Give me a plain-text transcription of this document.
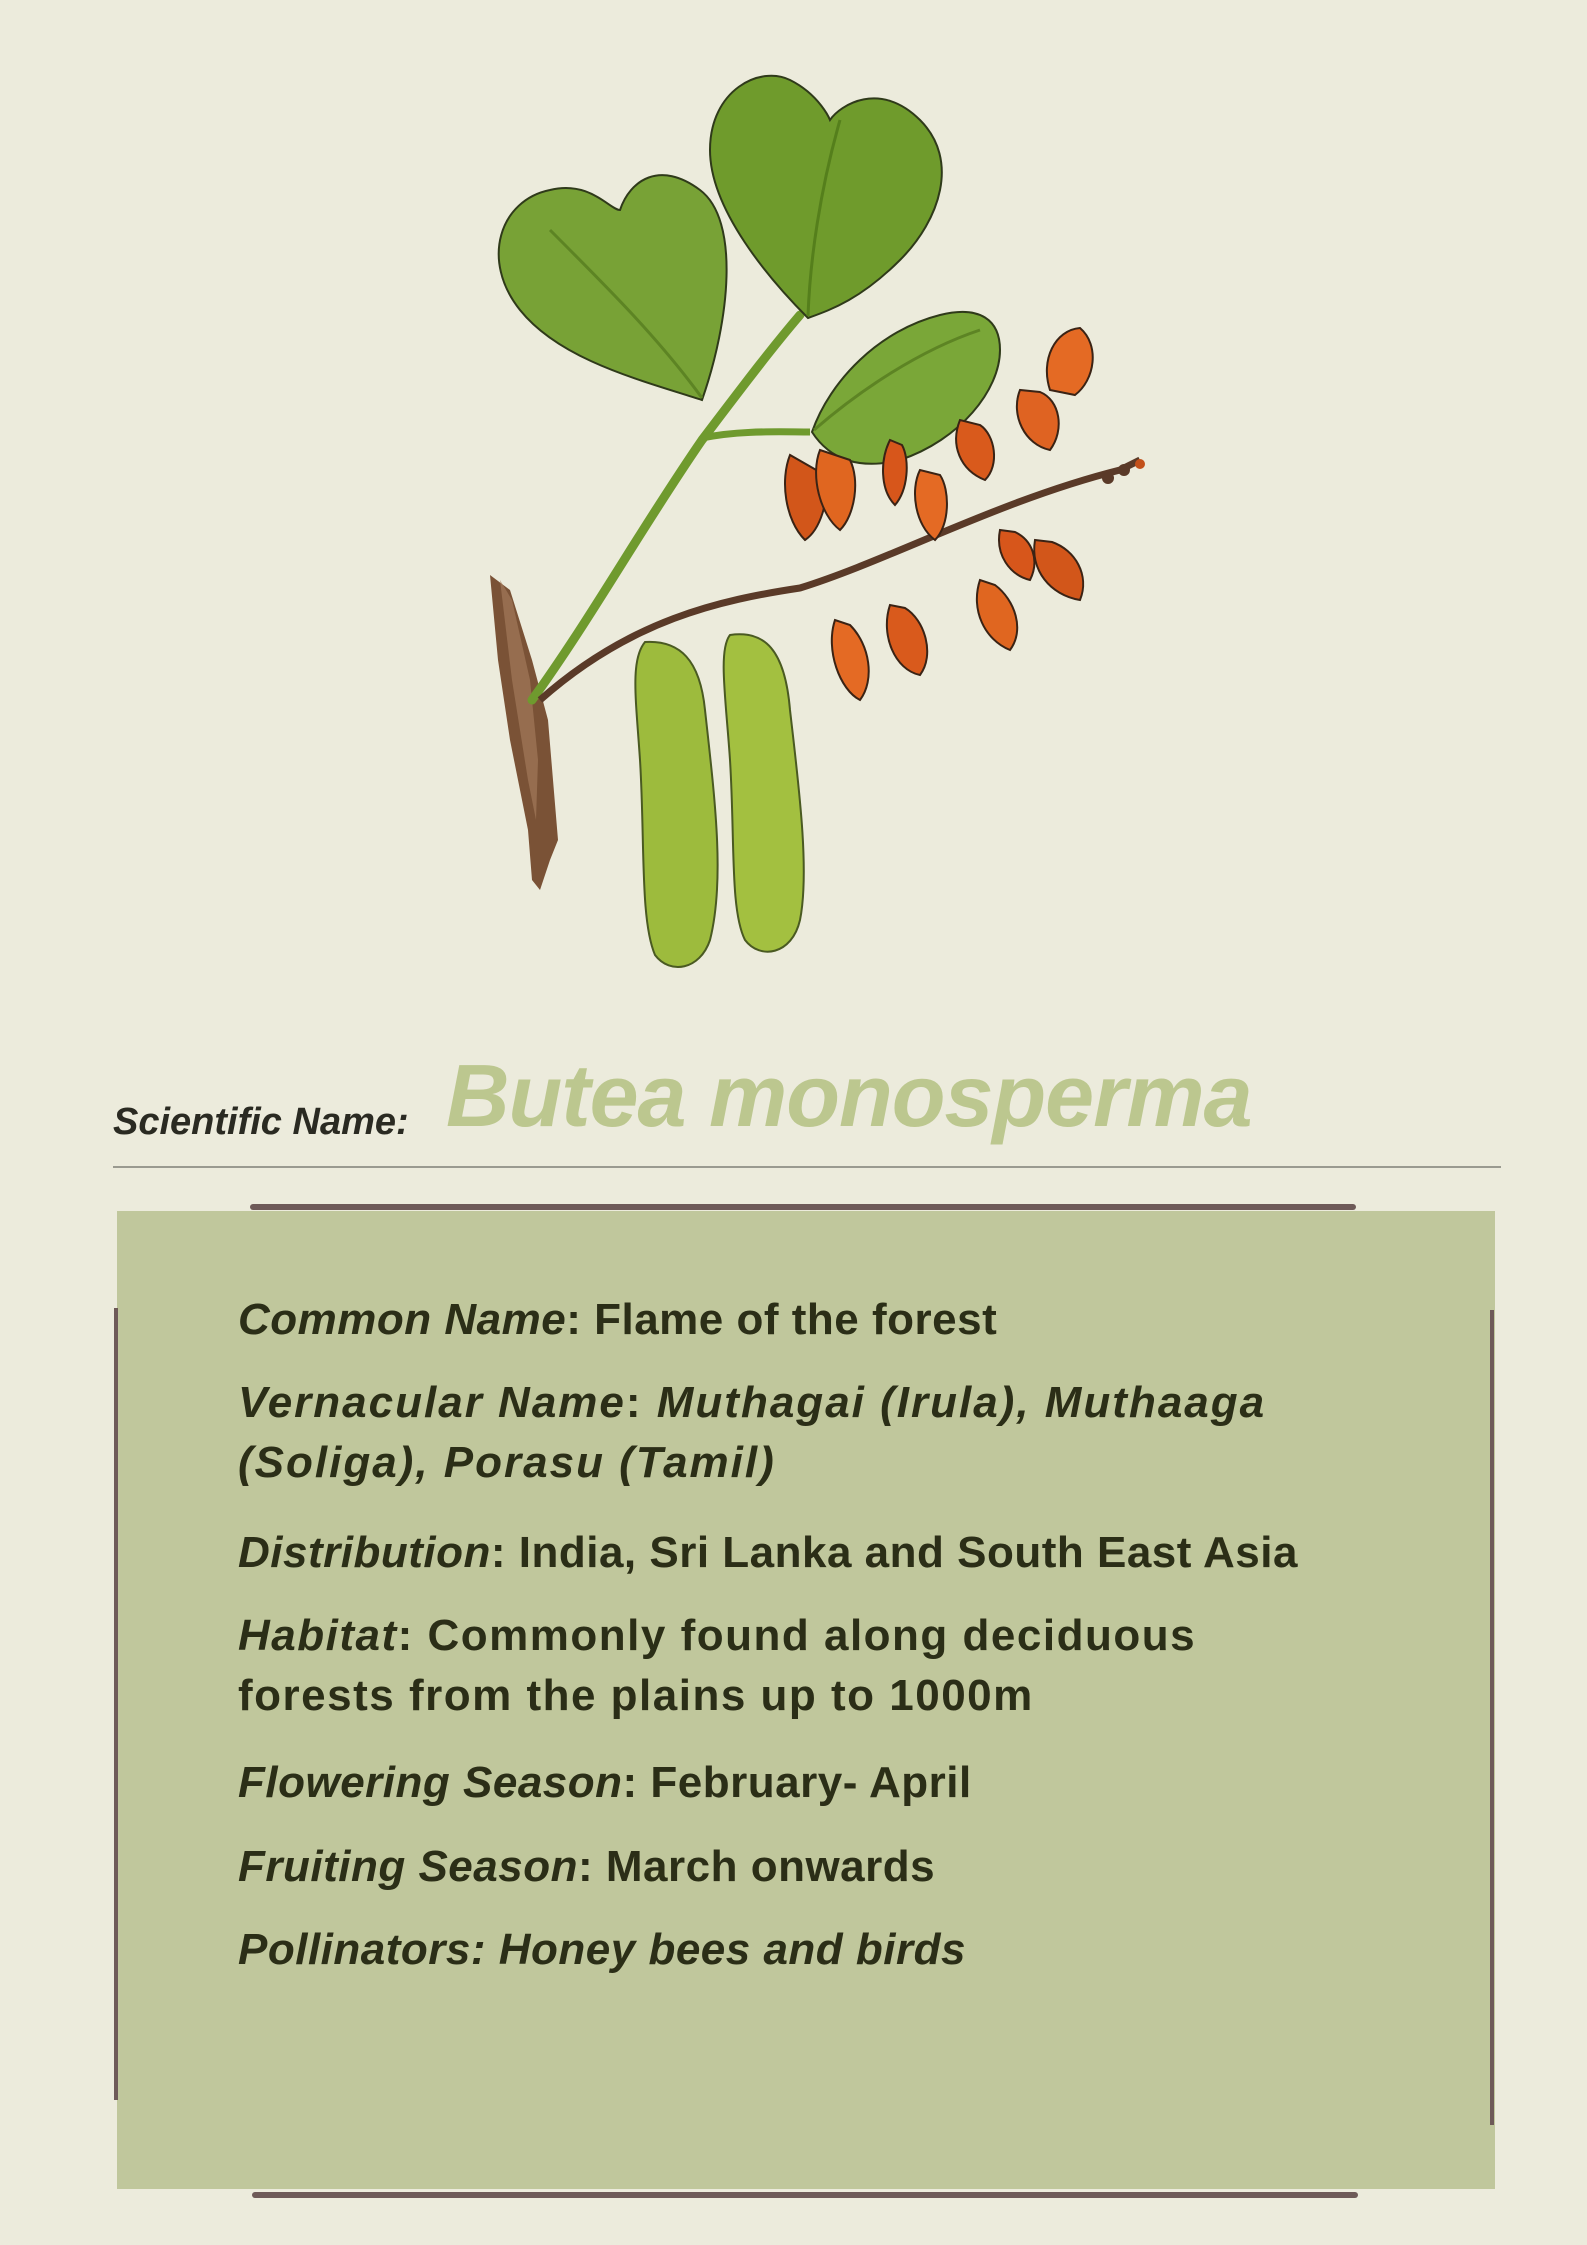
Scientific Name: Butea monosperma

Common Name: Flame of the forest

Vernacular Name: Muthagai (Irula), Muthaaga (Soliga), Porasu (Tamil)

Distribution: India, Sri Lanka and South East Asia

Habitat: Commonly found along deciduous forests from the plains up to 1000m

Flowering Season: February- April

Fruiting Season: March onwards

Pollinators: Honey bees and birds
